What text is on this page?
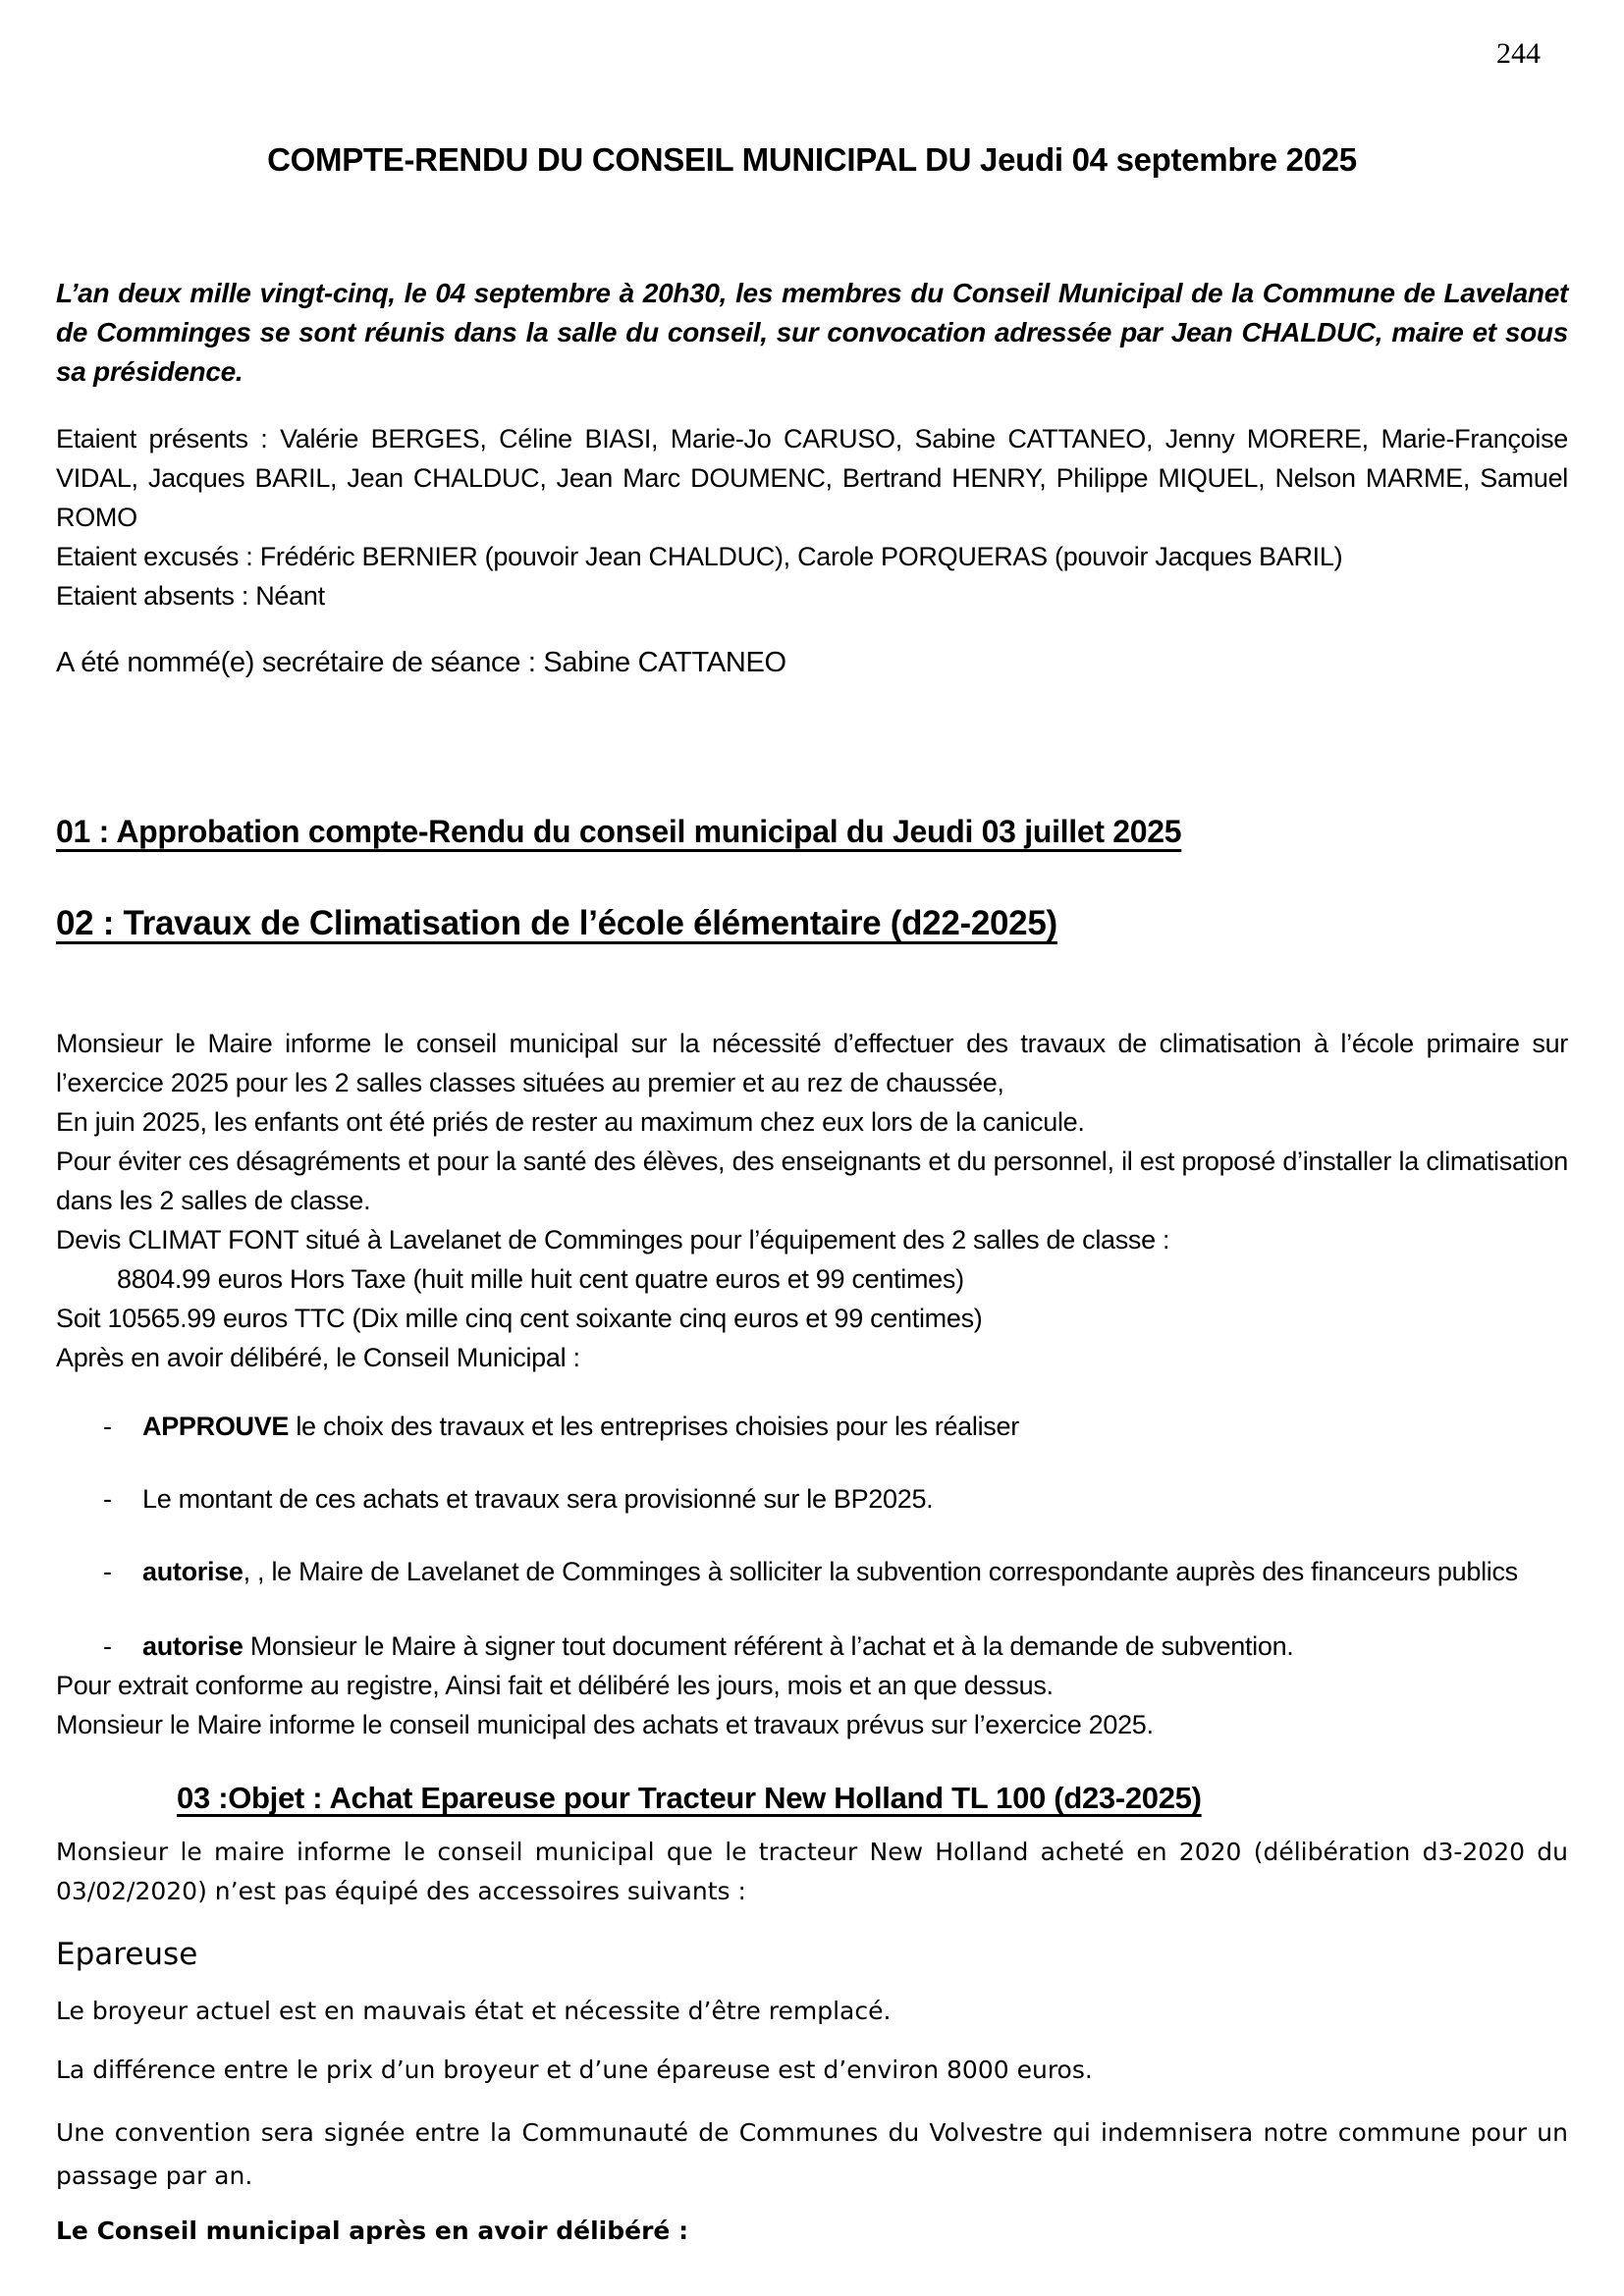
244
COMPTE-RENDU DU CONSEIL MUNICIPAL DU Jeudi 04 septembre 2025

L’an deux mille vingt-cinq, le 04 septembre à 20h30, les membres du Conseil Municipal de la Commune de Lavelanet de Comminges se sont réunis dans la salle du conseil, sur convocation adressée par Jean CHALDUC, maire et sous sa présidence.

Etaient présents : Valérie BERGES, Céline BIASI, Marie-Jo CARUSO, Sabine CATTANEO, Jenny MORERE, Marie-Françoise VIDAL, Jacques BARIL, Jean CHALDUC, Jean Marc DOUMENC, Bertrand HENRY, Philippe MIQUEL, Nelson MARME, Samuel ROMO
Etaient excusés : Frédéric BERNIER (pouvoir Jean CHALDUC), Carole PORQUERAS (pouvoir Jacques BARIL)
Etaient absents : Néant
A été nommé(e) secrétaire de séance : Sabine CATTANEO
01 : Approbation compte-Rendu du conseil municipal du Jeudi 03 juillet 2025
02 : Travaux de Climatisation de l’école élémentaire (d22-2025)

Monsieur le Maire informe le conseil municipal sur la nécessité d’effectuer des travaux de climatisation à l’école primaire sur l’exercice 2025 pour les 2 salles classes situées au premier et au rez de chaussée,

En juin 2025, les enfants ont été priés de rester au maximum chez eux lors de la canicule.

Pour éviter ces désagréments et pour la santé des élèves, des enseignants et du personnel, il est proposé d’installer la climatisation dans les 2 salles de classe.

Devis CLIMAT FONT situé à Lavelanet de Comminges pour l’équipement des 2 salles de classe :

8804.99 euros Hors Taxe (huit mille huit cent quatre euros et 99 centimes)

Soit 10565.99 euros TTC (Dix mille cinq cent soixante cinq euros et 99 centimes)

Après en avoir délibéré, le Conseil Municipal :

- APPROUVE le choix des travaux et les entreprises choisies pour les réaliser
- Le montant de ces achats et travaux sera provisionné sur le BP2025.
- autorise, , le Maire de Lavelanet de Comminges à solliciter la subvention correspondante auprès des financeurs publics
- autorise Monsieur le Maire à signer tout document référent à l’achat et à la demande de subvention.

Pour extrait conforme au registre, Ainsi fait et délibéré les jours, mois et an que dessus.

Monsieur le Maire informe le conseil municipal des achats et travaux prévus sur l’exercice 2025.

03 :Objet : Achat Epareuse pour Tracteur New Holland TL 100 (d23-2025)

Monsieur le maire informe le conseil municipal que le tracteur New Holland acheté en 2020 (délibération d3-2020 du 03/02/2020) n’est pas équipé des accessoires suivants :

Epareuse

Le broyeur actuel est en mauvais état et nécessite d’être remplacé.

La différence entre le prix d’un broyeur et d’une épareuse est d’environ 8000 euros.

Une convention sera signée entre la Communauté de Communes du Volvestre qui indemnisera notre commune pour un passage par an.

Le Conseil municipal après en avoir délibéré :
